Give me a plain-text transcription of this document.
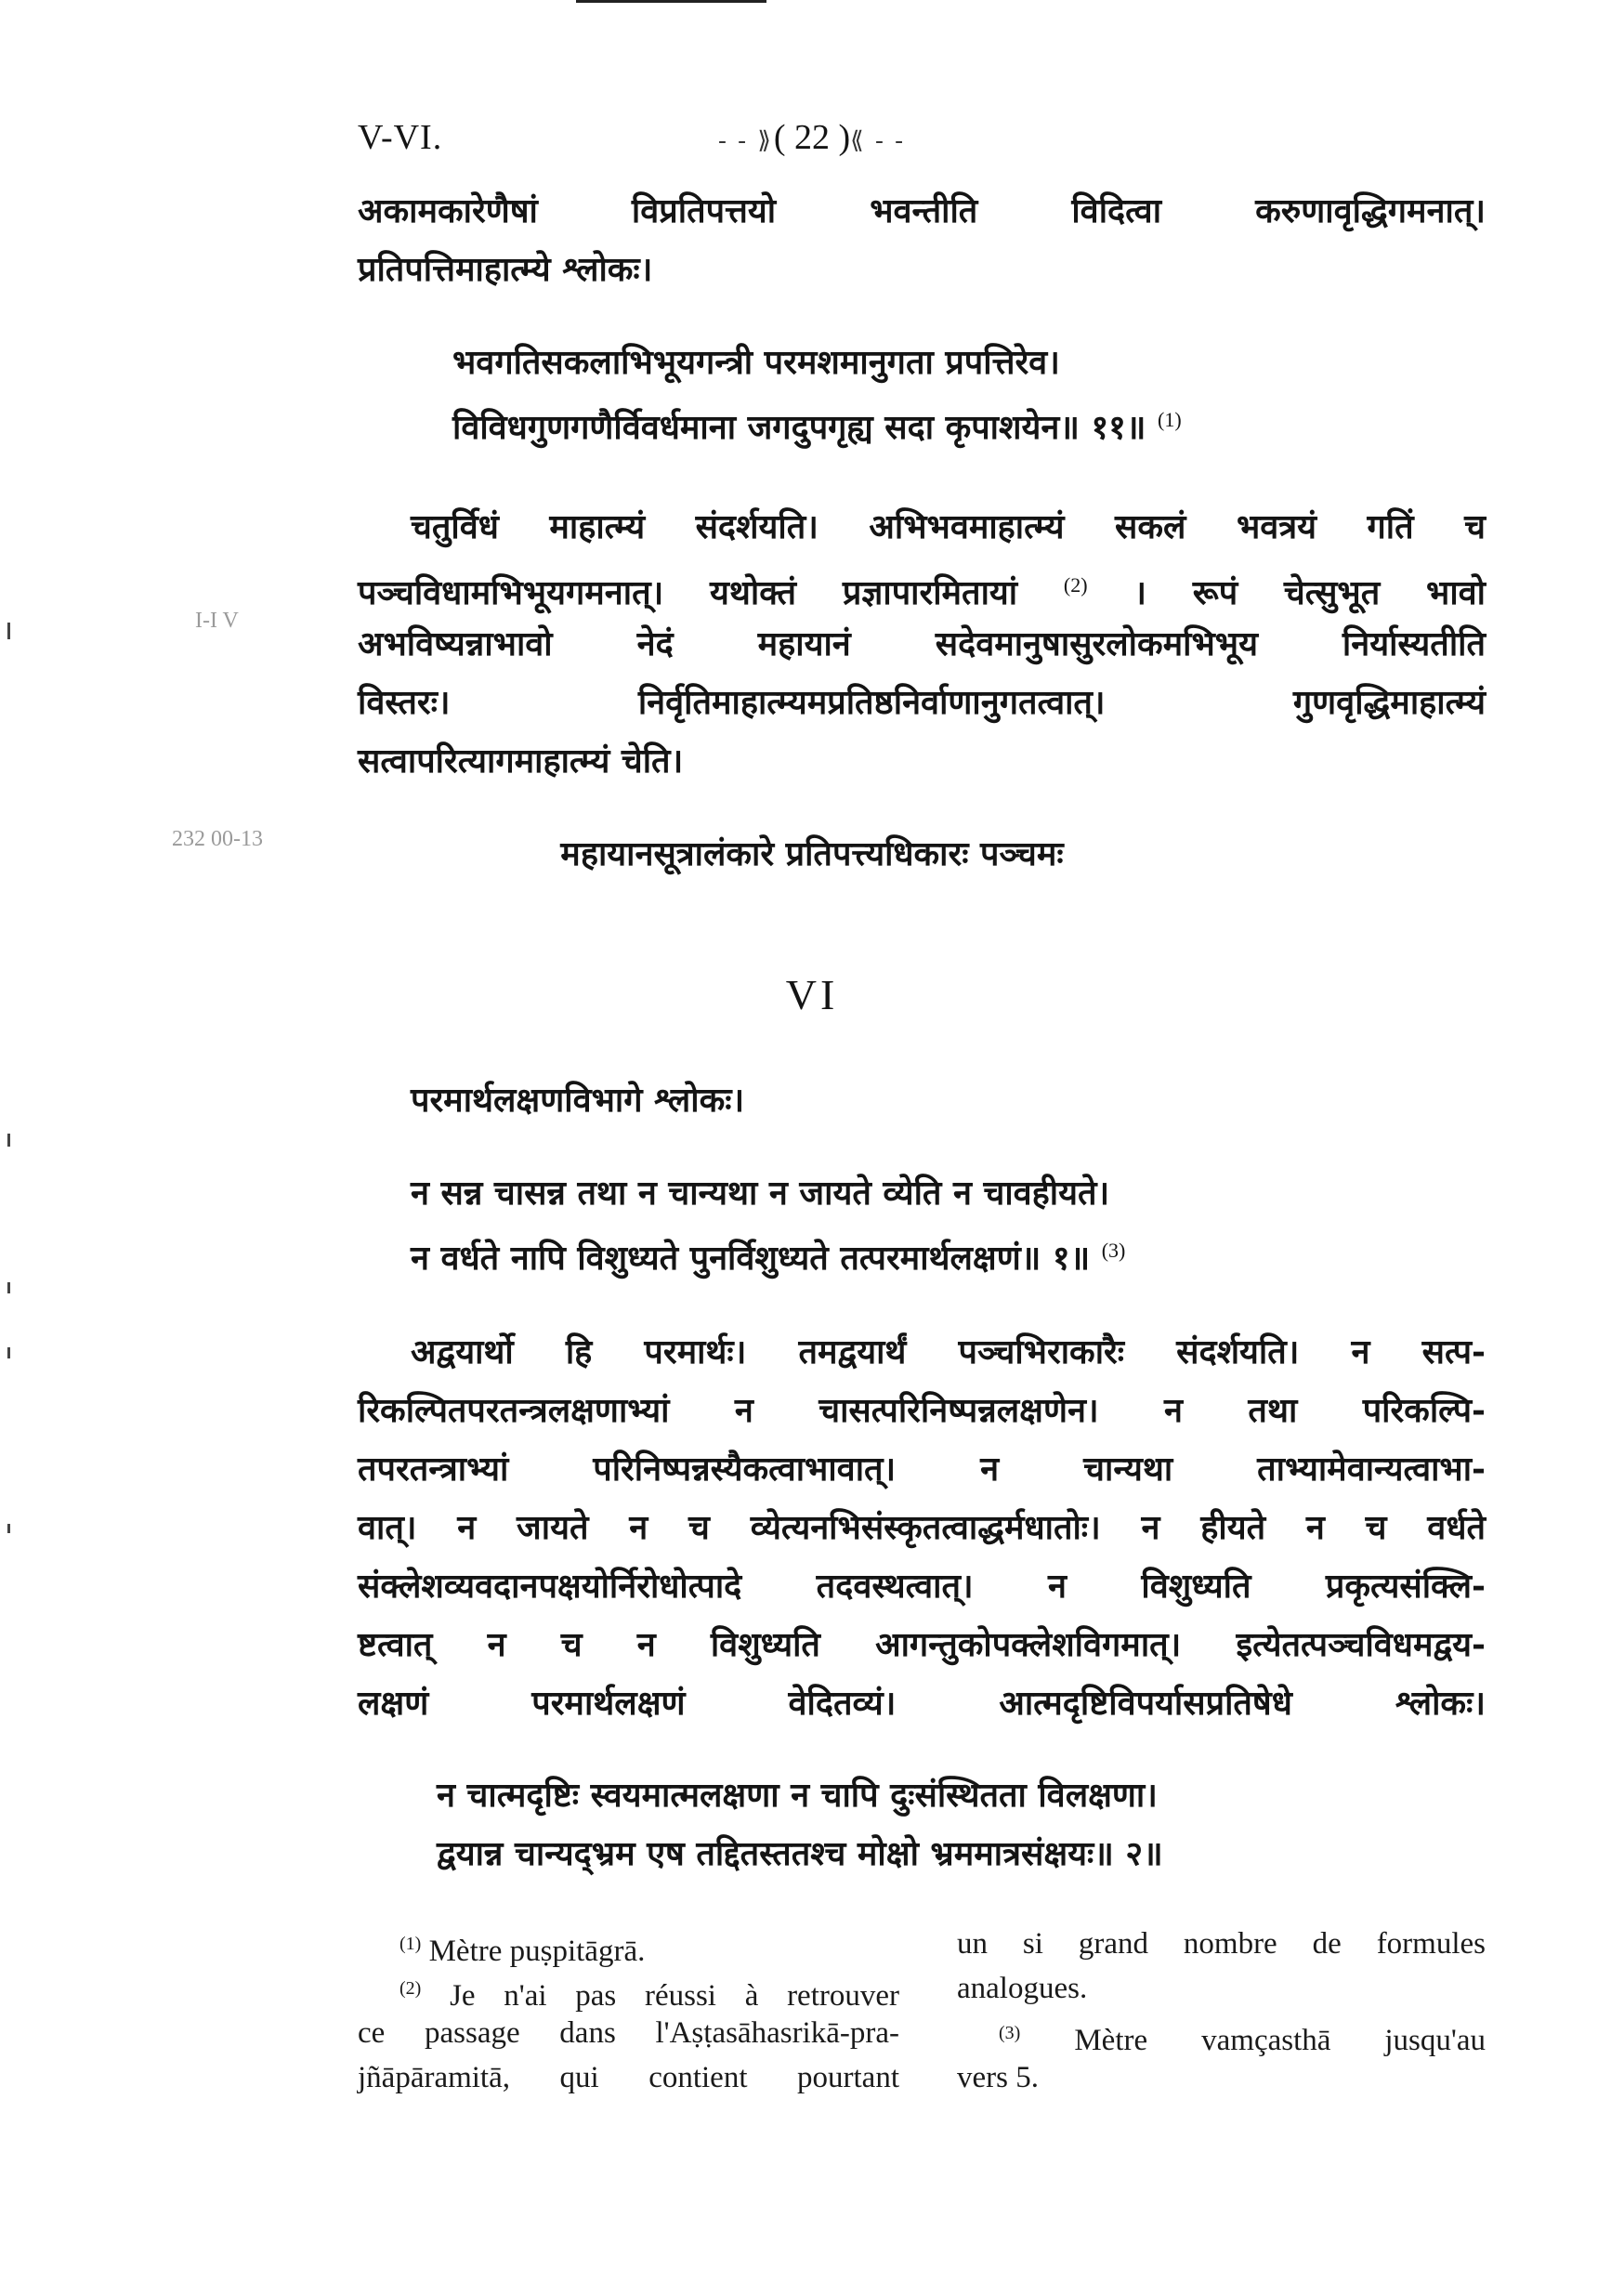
V-VI.	- - ⟫( 22 )⟪ - -
अकामकारेणैषां विप्रतिपत्तयो भवन्तीति विदित्वा करुणावृद्धिगमनात्।
प्रतिपत्तिमाहात्म्ये श्लोकः।
भवगतिसकलाभिभूयगन्त्री परमशमानुगता प्रपत्तिरेव।
विविधगुणगणैर्विवर्धमाना जगदुपगृह्य सदा कृपाशयेन॥ ११॥ $^{(1)}$
चतुर्विधं माहात्म्यं संदर्शयति। अभिभवमाहात्म्यं सकलं भवत्रयं गतिं च
पञ्चविधामभिभूयगमनात्। यथोक्तं प्रज्ञापारमितायां $^{(2)}$ । रूपं चेत्सुभूत भावो
अभविष्यन्नाभावो नेदं महायानं सदेवमानुषासुरलोकमभिभूय निर्यास्यतीति
विस्तरः। निर्वृतिमाहात्म्यमप्रतिष्ठनिर्वाणानुगतत्वात्। गुणवृद्धिमाहात्म्यं
सत्वापरित्यागमाहात्म्यं चेति।
I-I V
232 00-13	महायानसूत्रालंकारे प्रतिपत्त्यधिकारः पञ्चमः
VI
परमार्थलक्षणविभागे श्लोकः।
न सन्न चासन्न तथा न चान्यथा न जायते व्येति न चावहीयते।
न वर्धते नापि विशुध्यते पुनर्विशुध्यते तत्परमार्थलक्षणं॥ १॥ $^{(3)}$
अद्वयार्थो हि परमार्थः। तमद्वयार्थं पञ्चभिराकारैः संदर्शयति। न सत्प-
रिकल्पितपरतन्त्रलक्षणाभ्यां न चासत्परिनिष्पन्नलक्षणेन। न तथा परिकल्पि-
तपरतन्त्राभ्यां परिनिष्पन्नस्यैकत्वाभावात्। न चान्यथा ताभ्यामेवान्यत्वाभा-
वात्। न जायते न च व्येत्यनभिसंस्कृतत्वाद्धर्मधातोः। न हीयते न च वर्धते
संक्लेशव्यवदानपक्षयोर्निरोधोत्पादे तदवस्थत्वात्। न विशुध्यति प्रकृत्यसंक्लि-
ष्टत्वात् न च न विशुध्यति आगन्तुकोपक्लेशविगमात्। इत्येतत्पञ्चविधमद्वय-
लक्षणं परमार्थलक्षणं वेदितव्यं। आत्मदृष्टिविपर्यासप्रतिषेधे श्लोकः।
न चात्मदृष्टिः स्वयमात्मलक्षणा न चापि दुःसंस्थितता विलक्षणा।
द्वयान्न चान्यद्भ्रम एष तद्दितस्ततश्च मोक्षो भ्रममात्रसंक्षयः॥ २॥
$^{(1)}$ Mètre puṣpitāgrā.
$^{(2)}$ Je n'ai pas réussi à retrouver
ce passage dans l'Aṣṭasāhasrikā-pra-
jñāpāramitā, qui contient pourtant
un si grand nombre de formules
analogues.
$^{(3)}$ Mètre vamçasthā jusqu'au
vers 5.
